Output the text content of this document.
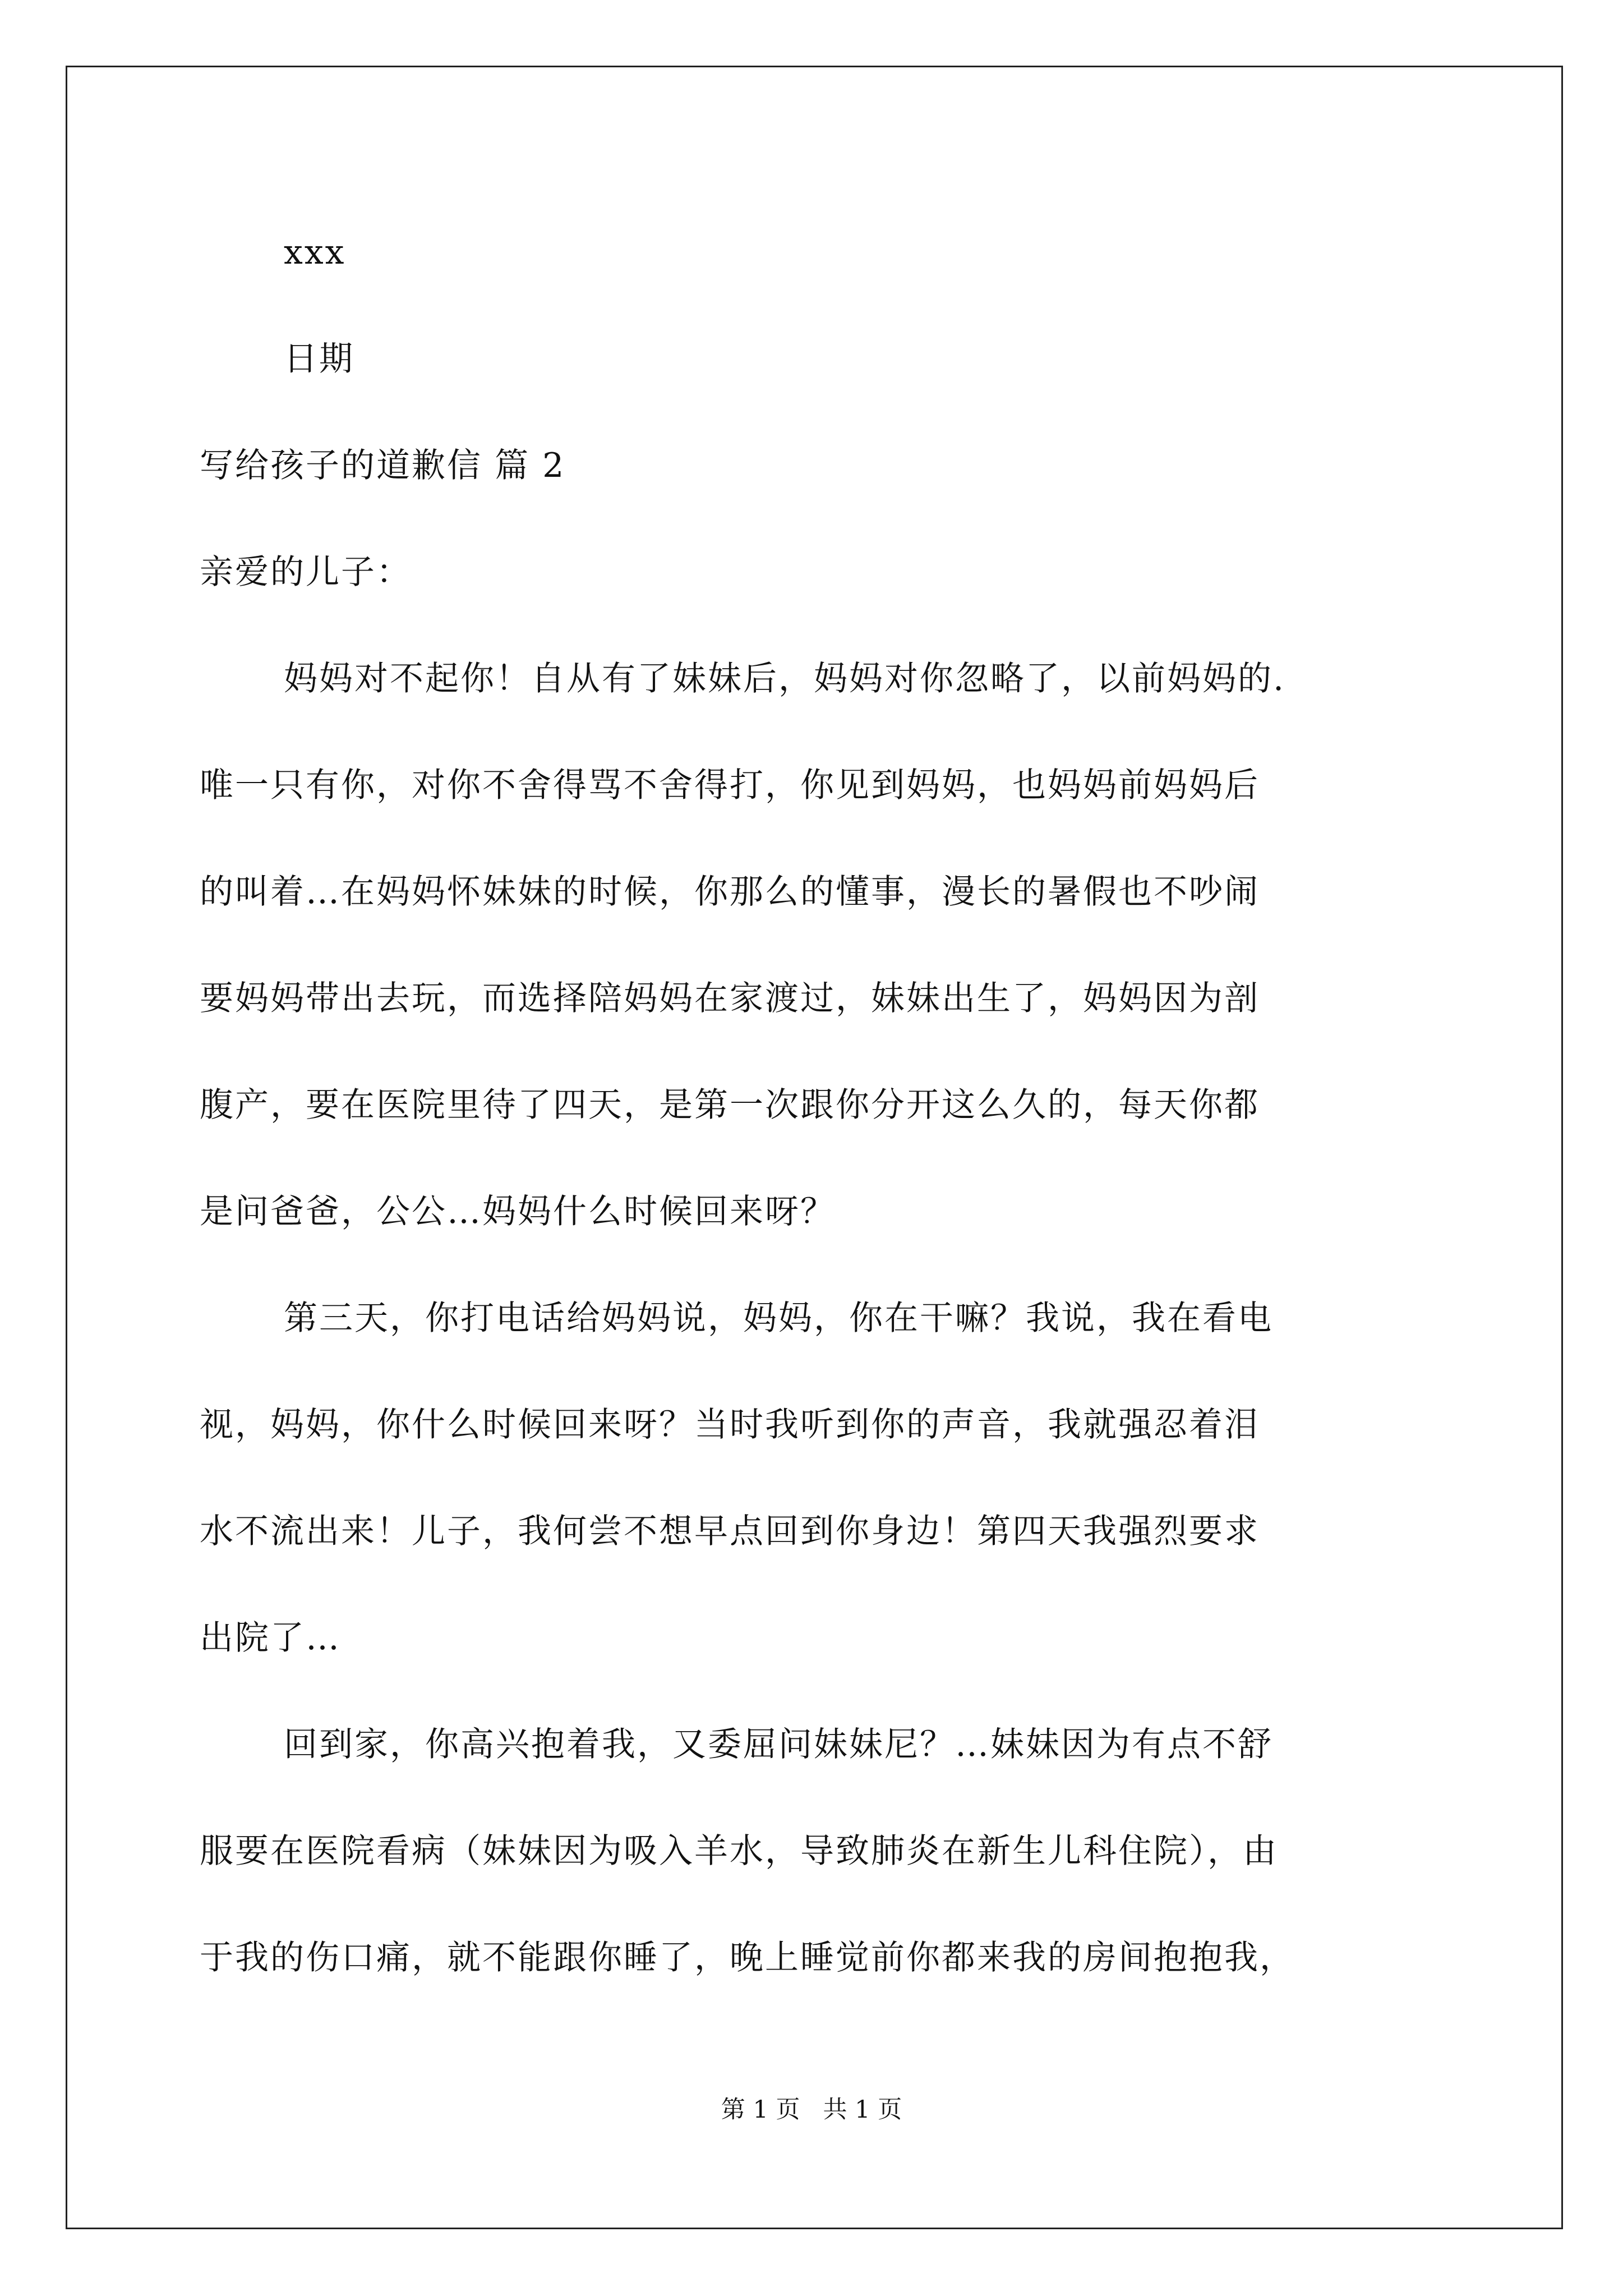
xxx
日期
写给孩子的道歉信 篇 2
亲爱的儿子：
妈妈对不起你！自从有了妹妹后，妈妈对你忽略了，以前妈妈的.
唯一只有你，对你不舍得骂不舍得打，你见到妈妈，也妈妈前妈妈后
的叫着…在妈妈怀妹妹的时候，你那么的懂事，漫长的暑假也不吵闹
要妈妈带出去玩，而选择陪妈妈在家渡过，妹妹出生了，妈妈因为剖
腹产，要在医院里待了四天，是第一次跟你分开这么久的，每天你都
是问爸爸，公公…妈妈什么时候回来呀？
第三天，你打电话给妈妈说，妈妈，你在干嘛？我说，我在看电
视，妈妈，你什么时候回来呀？当时我听到你的声音，我就强忍着泪
水不流出来！儿子，我何尝不想早点回到你身边！第四天我强烈要求
出院了…
回到家，你高兴抱着我，又委屈问妹妹尼？…妹妹因为有点不舒
服要在医院看病（妹妹因为吸入羊水，导致肺炎在新生儿科住院），由
于我的伤口痛，就不能跟你睡了，晚上睡觉前你都来我的房间抱抱我，
第 1 页   共 1 页
